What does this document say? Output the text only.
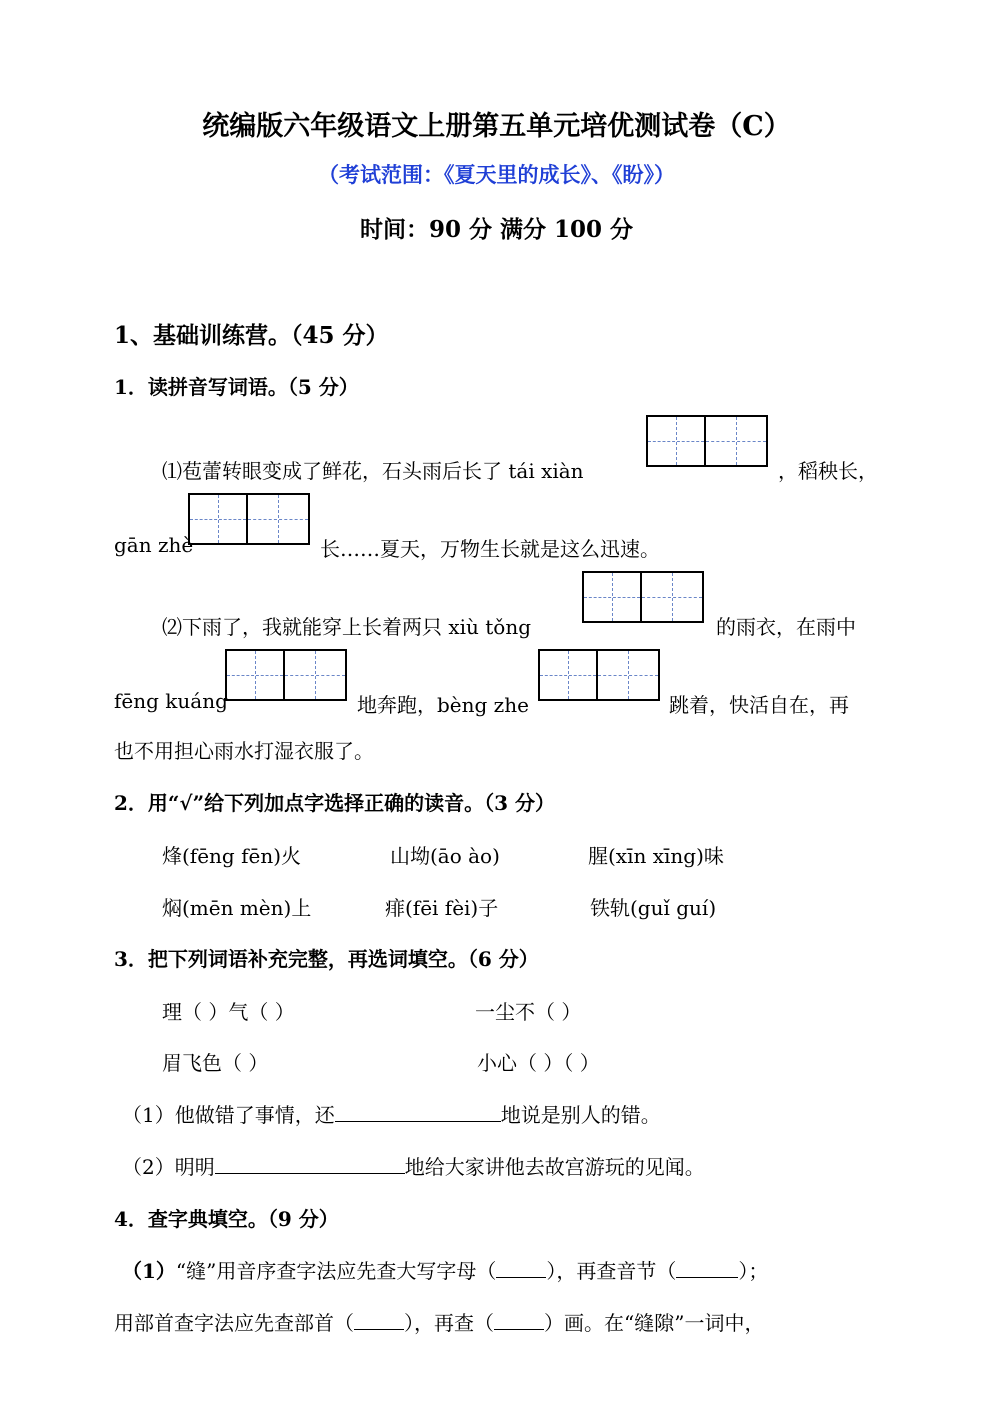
统编版六年级语文上册第五单元培优测试卷（C）
（考试范围：《夏天里的成长》、《盼》）
时间：90 分 满分 100 分
1、基础训练营。（45 分）
1．读拼音写词语。（5 分）
⑴苞蕾转眼变成了鲜花，石头雨后长了 tái xiàn	，稻秧长，
gān zhè	长……夏天，万物生长就是这么迅速。
⑵下雨了，我就能穿上长着两只 xiù tǒng	的雨衣，在雨中
fēng kuáng	地奔跑，bèng zhe	跳着，快活自在，再
也不用担心雨水打湿衣服了。
2．用“√”给下列加点字选择正确的读音。（3 分）
烽(fēng fēn)火	山坳(āo ào)	腥(xīn xīng)味
焖(mēn mèn)上	痱(fēi fèi)子	铁轨(guǐ guí)
3．把下列词语补充完整，再选词填空。（6 分）
理（ ）气（ ）	一尘不（ ）
眉飞色（ ）	小心（ ）（ ）
（1）他做错了事情，还	地说是别人的错。
（2）明明	地给大家讲他去故宫游玩的见闻。
4．查字典填空。（9 分）
（1）“缝”用音序查字法应先查大写字母（	），再查音节（	）；
用部首查字法应先查部首（	），再查（	）画。在“缝隙”一词中，
